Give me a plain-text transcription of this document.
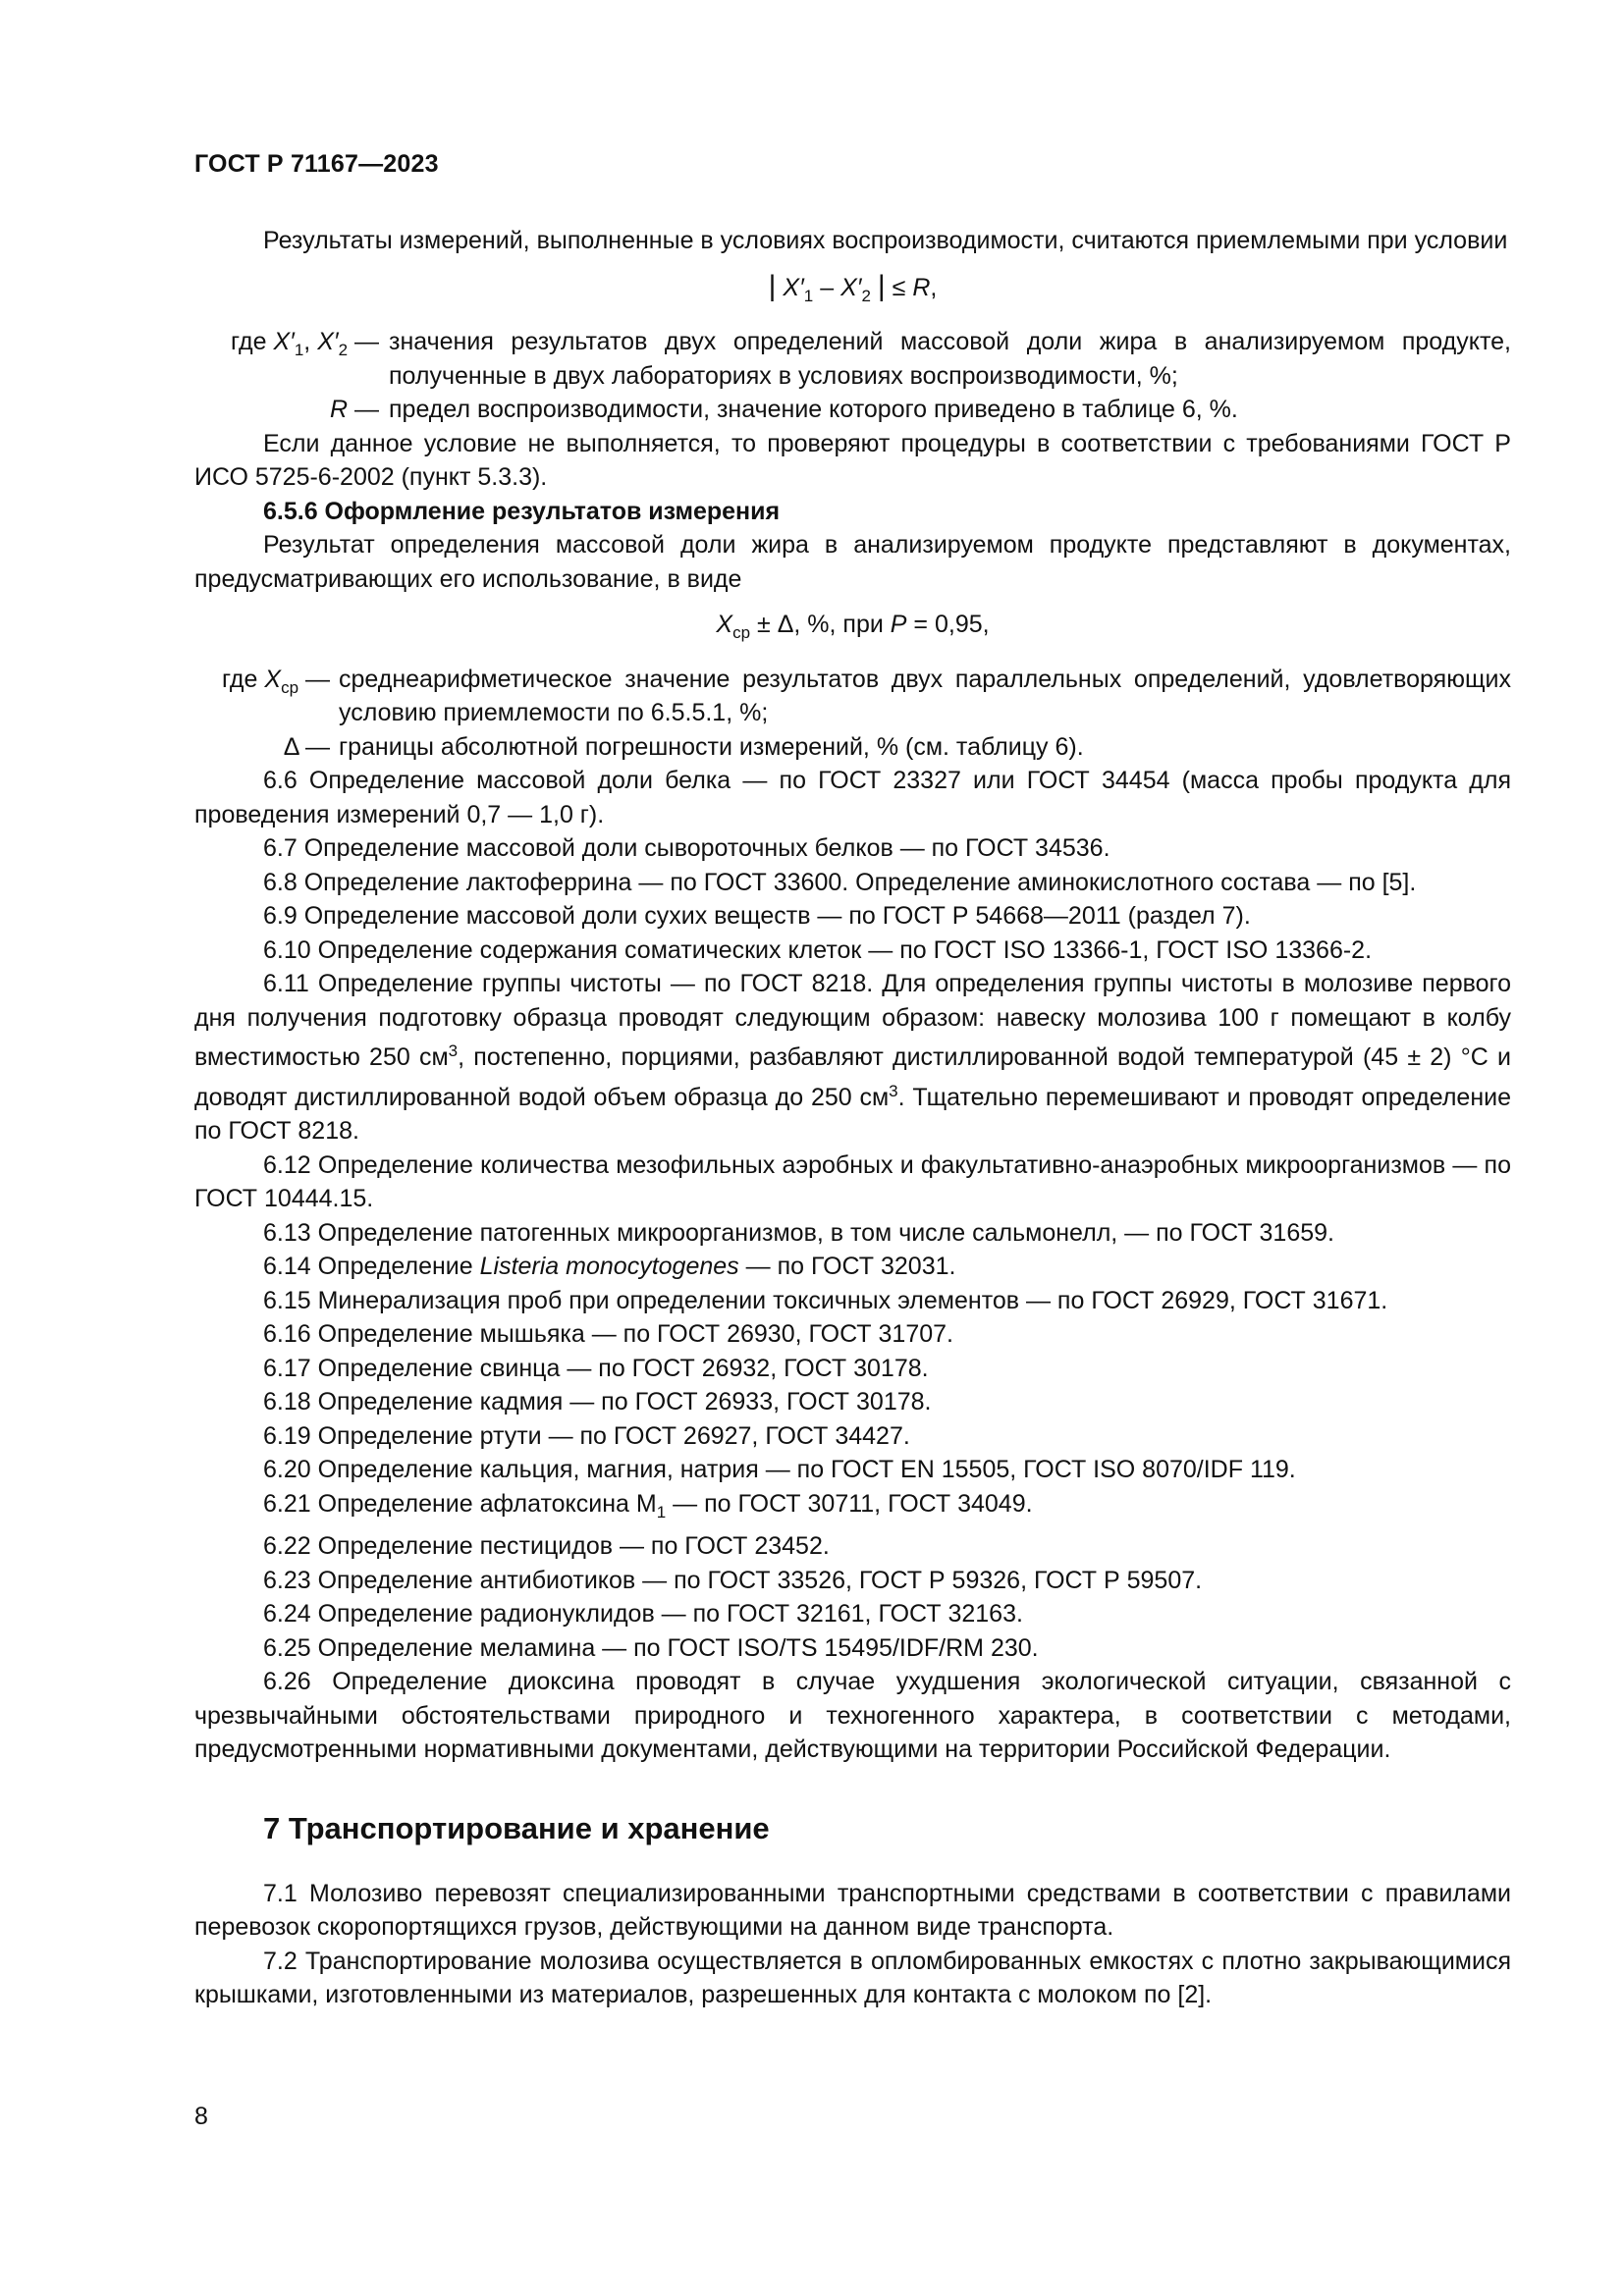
ГОСТ Р 71167—2023

Результаты измерений, выполненные в условиях воспроизводимости, считаются приемлемыми при условии

| $X'_1 - X'_2$ | ≤ R,
где $X'_1$, $X'_2$ — значения результатов двух определений массовой доли жира в анализируемом продукте, полученные в двух лабораториях в условиях воспроизводимости, %;
R — предел воспроизводимости, значение которого приведено в таблице 6, %.

Если данное условие не выполняется, то проверяют процедуры в соответствии с требованиями ГОСТ Р ИСО 5725-6-2002 (пункт 5.3.3).

6.5.6 Оформление результатов измерения

Результат определения массовой доли жира в анализируемом продукте представляют в документах, предусматривающих его использование, в виде

$X_{ср} \pm \Delta$, %, при P = 0,95,
где $X_{ср}$ — среднеарифметическое значение результатов двух параллельных определений, удовлетворяющих условию приемлемости по 6.5.5.1, %;
Δ — границы абсолютной погрешности измерений, % (см. таблицу 6).

6.6 Определение массовой доли белка — по ГОСТ 23327 или ГОСТ 34454 (масса пробы продукта для проведения измерений 0,7 — 1,0 г).

6.7 Определение массовой доли сывороточных белков — по ГОСТ 34536.

6.8 Определение лактоферрина — по ГОСТ 33600. Определение аминокислотного состава — по [5].

6.9 Определение массовой доли сухих веществ — по ГОСТ Р 54668—2011 (раздел 7).

6.10 Определение содержания соматических клеток — по ГОСТ ISO 13366-1, ГОСТ ISO 13366-2.

6.11 Определение группы чистоты — по ГОСТ 8218. Для определения группы чистоты в молозиве первого дня получения подготовку образца проводят следующим образом: навеску молозива 100 г помещают в колбу вместимостью 250 $см^3$, постепенно, порциями, разбавляют дистиллированной водой температурой (45 ± 2) °С и доводят дистиллированной водой объем образца до 250 $см^3$. Тщательно перемешивают и проводят определение по ГОСТ 8218.

6.12 Определение количества мезофильных аэробных и факультативно-анаэробных микроорганизмов — по ГОСТ 10444.15.

6.13 Определение патогенных микроорганизмов, в том числе сальмонелл, — по ГОСТ 31659.

6.14 Определение Listeria monocytogenes — по ГОСТ 32031.

6.15 Минерализация проб при определении токсичных элементов — по ГОСТ 26929, ГОСТ 31671.

6.16 Определение мышьяка — по ГОСТ 26930, ГОСТ 31707.

6.17 Определение свинца — по ГОСТ 26932, ГОСТ 30178.

6.18 Определение кадмия — по ГОСТ 26933, ГОСТ 30178.

6.19 Определение ртути — по ГОСТ 26927, ГОСТ 34427.

6.20 Определение кальция, магния, натрия — по ГОСТ EN 15505, ГОСТ ISO 8070/IDF 119.

6.21 Определение афлатоксина $М_1$ — по ГОСТ 30711, ГОСТ 34049.

6.22 Определение пестицидов — по ГОСТ 23452.

6.23 Определение антибиотиков — по ГОСТ 33526, ГОСТ Р 59326, ГОСТ Р 59507.

6.24 Определение радионуклидов — по ГОСТ 32161, ГОСТ 32163.

6.25 Определение меламина — по ГОСТ ISO/TS 15495/IDF/RM 230.

6.26 Определение диоксина проводят в случае ухудшения экологической ситуации, связанной с чрезвычайными обстоятельствами природного и техногенного характера, в соответствии с методами, предусмотренными нормативными документами, действующими на территории Российской Федерации.

7 Транспортирование и хранение

7.1 Молозиво перевозят специализированными транспортными средствами в соответствии с правилами перевозок скоропортящихся грузов, действующими на данном виде транспорта.

7.2 Транспортирование молозива осуществляется в опломбированных емкостях с плотно закрывающимися крышками, изготовленными из материалов, разрешенных для контакта с молоком по [2].

8
